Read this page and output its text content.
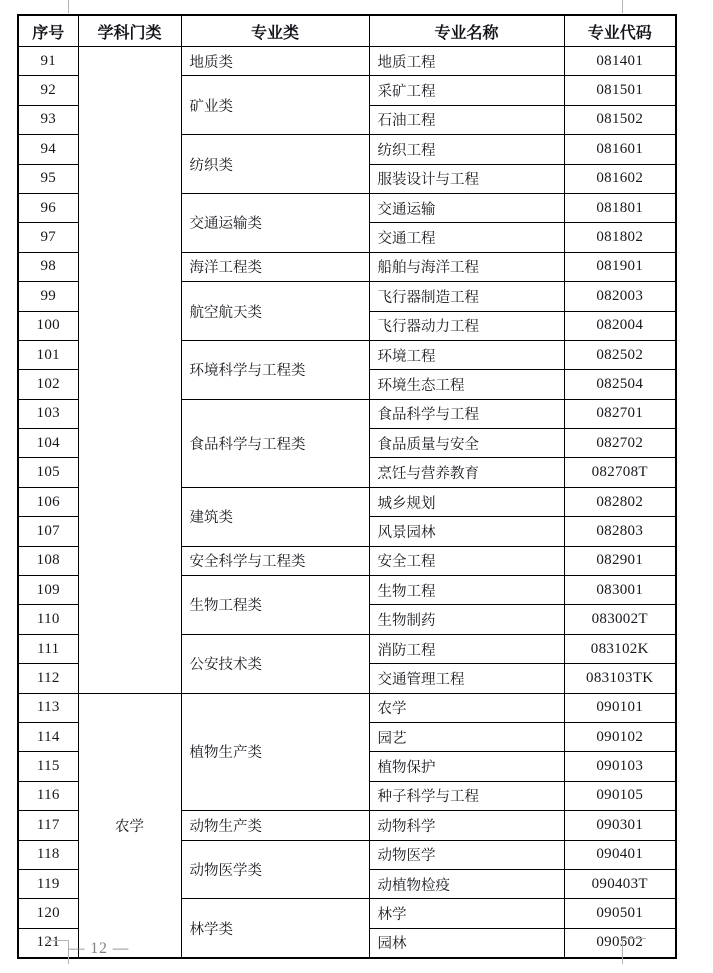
序号	学科门类	专业类	专业名称	专业代码
91		地质类	地质工程	081401
92		矿业类	采矿工程	081501
93			石油工程	081502
94		纺织类	纺织工程	081601
95			服装设计与工程	081602
96		交通运输类	交通运输	081801
97			交通工程	081802
98		海洋工程类	船舶与海洋工程	081901
99		航空航天类	飞行器制造工程	082003
100			飞行器动力工程	082004
101		环境科学与工程类	环境工程	082502
102			环境生态工程	082504
103		食品科学与工程类	食品科学与工程	082701
104			食品质量与安全	082702
105			烹饪与营养教育	082708T
106		建筑类	城乡规划	082802
107			风景园林	082803
108		安全科学与工程类	安全工程	082901
109		生物工程类	生物工程	083001
110			生物制药	083002T
111		公安技术类	消防工程	083102K
112			交通管理工程	083103TK
113	农学	植物生产类	农学	090101
114			园艺	090102
115			植物保护	090103
116			种子科学与工程	090105
117		动物生产类	动物科学	090301
118		动物医学类	动物医学	090401
119			动植物检疫	090403T
120		林学类	林学	090501
121			园林	090502
— 12 —
